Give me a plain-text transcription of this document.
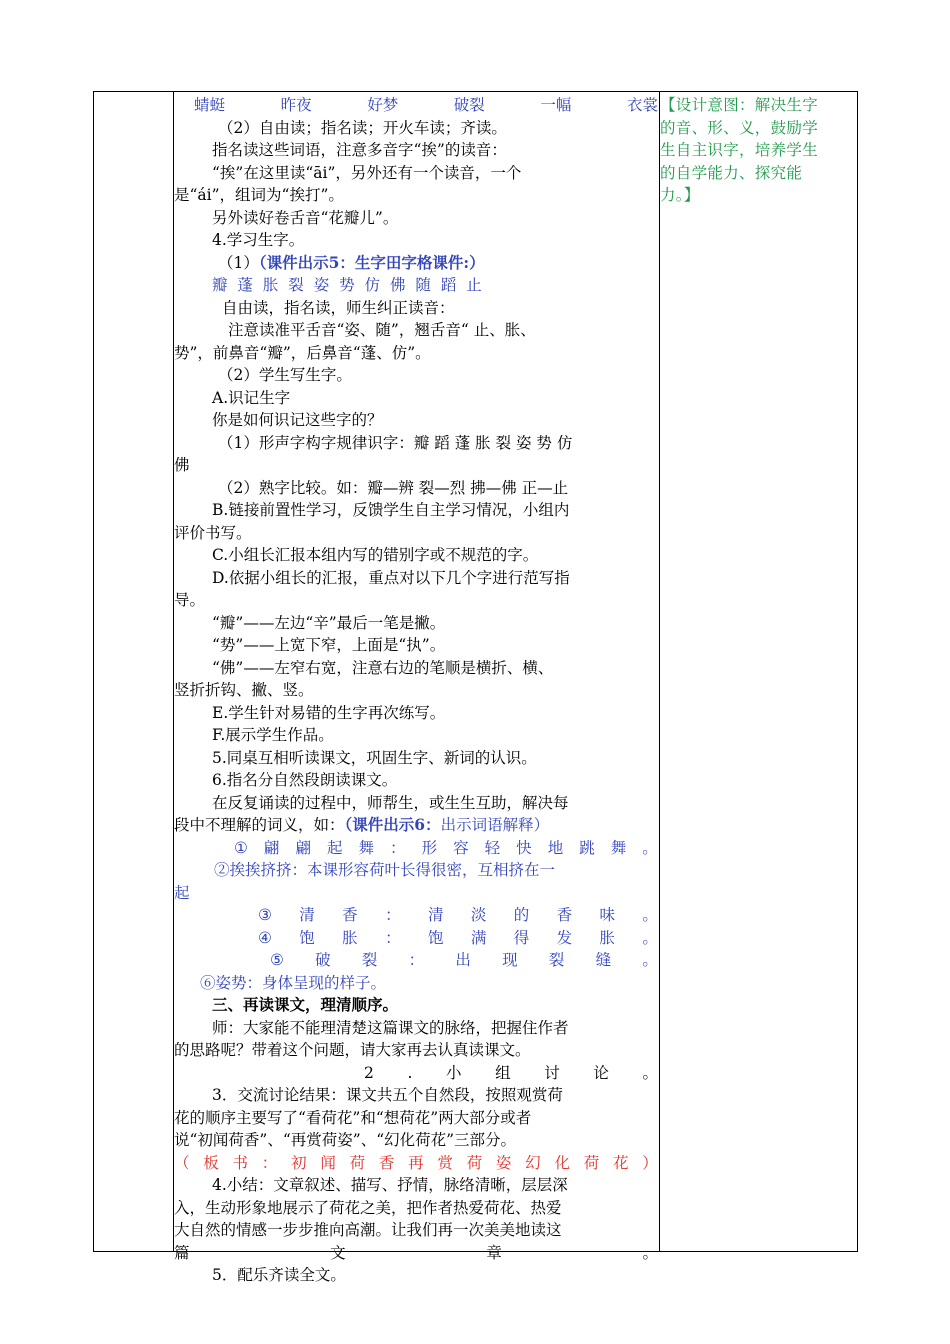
蜻蜓	昨夜	好梦	破裂	一幅	衣裳
（2）自由读；指名读；开火车读；齐读。
指名读这些词语，注意多音字“挨”的读音：
“挨”在这里读“āi”，另外还有一个读音，一个
是“ái”，组词为“挨打”。
另外读好卷舌音“花瓣儿”。
4.学习生字。
（1）（课件出示5：生字田字格课件:）
瓣 蓬 胀 裂 姿 势 仿 佛 随 蹈 止
自由读，指名读，师生纠正读音：
注意读准平舌音“姿、随”，翘舌音“ 止、胀、
势”，前鼻音“瓣”，后鼻音“蓬、仿”。
（2）学生写生字。
A.识记生字
你是如何识记这些字的？
（1）形声字构字规律识字：瓣 蹈 蓬 胀 裂 姿 势 仿
佛
（2）熟字比较。如：瓣—辨 裂—烈 拂—佛 正—止
B.链接前置性学习，反馈学生自主学习情况，小组内
评价书写。
C.小组长汇报本组内写的错别字或不规范的字。
D.依据小组长的汇报，重点对以下几个字进行范写指
导。
“瓣”——左边“辛”最后一笔是撇。
“势”——上宽下窄，上面是“执”。
“佛”——左窄右宽，注意右边的笔顺是横折、横、
竖折折钩、撇、竖。
E.学生针对易错的生字再次练写。
F.展示学生作品。
5.同桌互相听读课文，巩固生字、新词的认识。
6.指名分自然段朗读课文。
在反复诵读的过程中，师帮生，或生生互助，解决每
段中不理解的词义，如：（课件出示6：出示词语解释）
① 翩 翩 起 舞 ： 形 容 轻 快 地 跳 舞 。
②挨挨挤挤：本课形容荷叶长得很密，互相挤在一
起
③ 清 香 ： 清 淡 的 香 味 。
④ 饱 胀 ： 饱 满 得 发 胀 。
⑤ 破 裂 ： 出 现 裂 缝 。
⑥姿势：身体呈现的样子。
三、再读课文，理清顺序。
师：大家能不能理清楚这篇课文的脉络，把握住作者
的思路呢？带着这个问题，请大家再去认真读课文。
2 . 小 组 讨 论 。
3．交流讨论结果：课文共五个自然段，按照观赏荷
花的顺序主要写了“看荷花”和“想荷花”两大部分或者
说“初闻荷香”、“再赏荷姿”、“幻化荷花”三部分。
（ 板 书 ： 初 闻 荷 香 再 赏 荷 姿 幻 化 荷 花 ）
4.小结：文章叙述、描写、抒情，脉络清晰，层层深
入，生动形象地展示了荷花之美，把作者热爱荷花、热爱
大自然的情感一步步推向高潮。让我们再一次美美地读这
篇	文	章	。
5．配乐齐读全文。
【设计意图：解决生字
的音、形、义，鼓励学
生自主识字，培养学生
的自学能力、探究能
力。】
